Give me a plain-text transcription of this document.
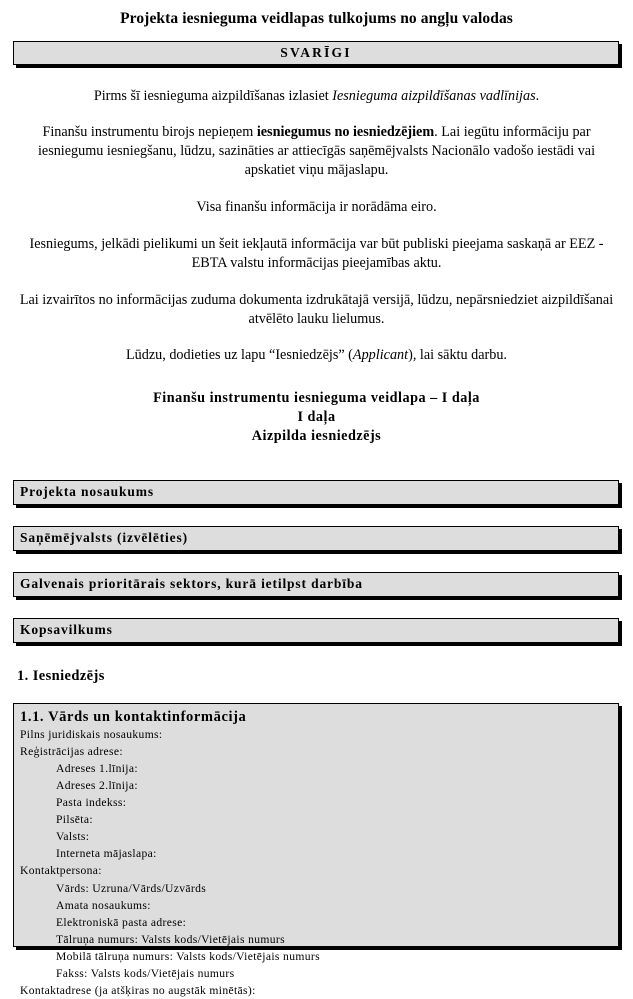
Projekta iesnieguma veidlapas tulkojums no angļu valodas
SVARĪGI

Pirms šī iesnieguma aizpildīšanas izlasiet Iesnieguma aizpildīšanas vadlīnijas.

Finanšu instrumentu birojs nepieņem iesniegumus no iesniedzējiem. Lai iegūtu informāciju par iesniegumu iesniegšanu, lūdzu, sazināties ar attiecīgās saņēmējvalsts Nacionālo vadošo iestādi vai apskatiet viņu mājaslapu.

Visa finanšu informācija ir norādāma eiro.

Iesniegums, jelkādi pielikumi un šeit iekļautā informācija var būt publiski pieejama saskaņā ar EEZ - EBTA valstu informācijas pieejamības aktu.

Lai izvairītos no informācijas zuduma dokumenta izdrukātajā versijā, lūdzu, nepārsniedziet aizpildīšanai atvēlēto lauku lielumus.

Lūdzu, dodieties uz lapu “Iesniedzējs” (Applicant), lai sāktu darbu.

Finanšu instrumentu iesnieguma veidlapa – I daļa
I daļa
Aizpilda iesniedzējs
Projekta nosaukums
Saņēmējvalsts (izvēlēties)
Galvenais prioritārais sektors, kurā ietilpst darbība
Kopsavilkums
1. Iesniedzējs
1.1. Vārds un kontaktinformācija
Pilns juridiskais nosaukums:
Reģistrācijas adrese:
Adreses 1.līnija:
Adreses 2.līnija:
Pasta indekss:
Pilsēta:
Valsts:
Interneta mājaslapa:
Kontaktpersona:
Vārds: Uzruna/Vārds/Uzvārds
Amata nosaukums:
Elektroniskā pasta adrese:
Tālruņa numurs: Valsts kods/Vietējais numurs
Mobilā tālruņa numurs: Valsts kods/Vietējais numurs
Fakss: Valsts kods/Vietējais numurs
Kontaktadrese (ja atšķiras no augstāk minētās):
